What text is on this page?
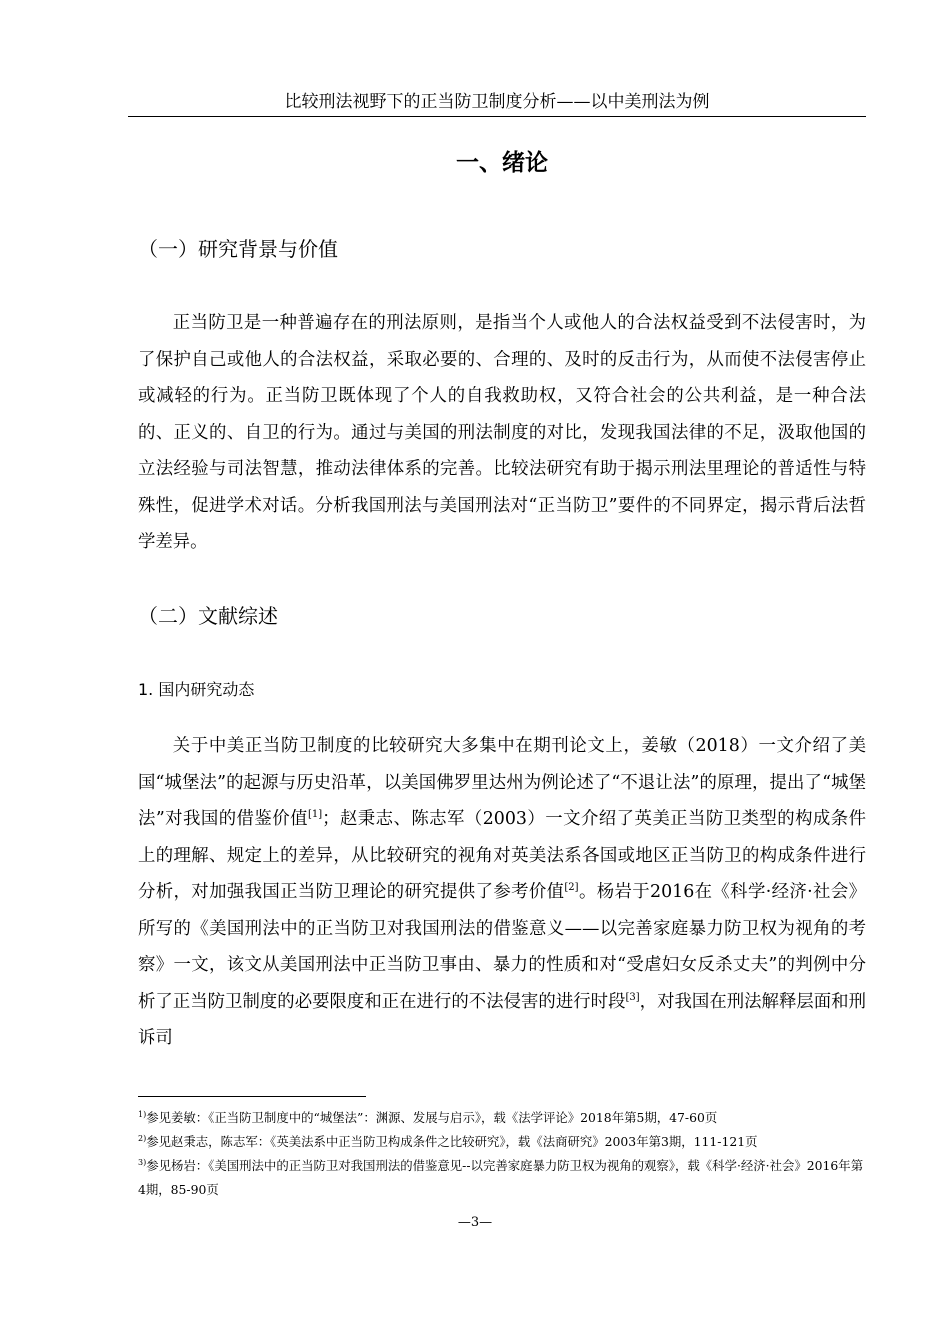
比较刑法视野下的正当防卫制度分析——以中美刑法为例
一、绪论
（一）研究背景与价值

正当防卫是一种普遍存在的刑法原则，是指当个人或他人的合法权益受到不法侵害时，为了保护自己或他人的合法权益，采取必要的、合理的、及时的反击行为，从而使不法侵害停止或减轻的行为。正当防卫既体现了个人的自我救助权，又符合社会的公共利益，是一种合法的、正义的、自卫的行为。通过与美国的刑法制度的对比，发现我国法律的不足，汲取他国的立法经验与司法智慧，推动法律体系的完善。比较法研究有助于揭示刑法里理论的普适性与特殊性，促进学术对话。分析我国刑法与美国刑法对“正当防卫”要件的不同界定，揭示背后法哲学差异。

（二）文献综述
1. 国内研究动态

关于中美正当防卫制度的比较研究大多集中在期刊论文上，姜敏（2018）一文介绍了美国“城堡法”的起源与历史沿革，以美国佛罗里达州为例论述了“不退让法”的原理，提出了“城堡法”对我国的借鉴价值[1]；赵秉志、陈志军（2003）一文介绍了英美正当防卫类型的构成条件上的理解、规定上的差异，从比较研究的视角对英美法系各国或地区正当防卫的构成条件进行分析，对加强我国正当防卫理论的研究提供了参考价值[2]。杨岩于2016在《科学·经济·社会》所写的《美国刑法中的正当防卫对我国刑法的借鉴意义——以完善家庭暴力防卫权为视角的考察》一文，该文从美国刑法中正当防卫事由、暴力的性质和对“受虐妇女反杀丈夫”的判例中分析了正当防卫制度的必要限度和正在进行的不法侵害的进行时段[3]，对我国在刑法解释层面和刑诉司

$^{1)}$参见姜敏：《正当防卫制度中的“城堡法”：渊源、发展与启示》，载《法学评论》2018年第5期，47-60页
$^{2)}$参见赵秉志，陈志军：《英美法系中正当防卫构成条件之比较研究》，载《法商研究》2003年第3期，111-121页
$^{3)}$参见杨岩：《美国刑法中的正当防卫对我国刑法的借鉴意见--以完善家庭暴力防卫权为视角的观察》，载《科学·经济·社会》2016年第4期，85-90页
—3—
